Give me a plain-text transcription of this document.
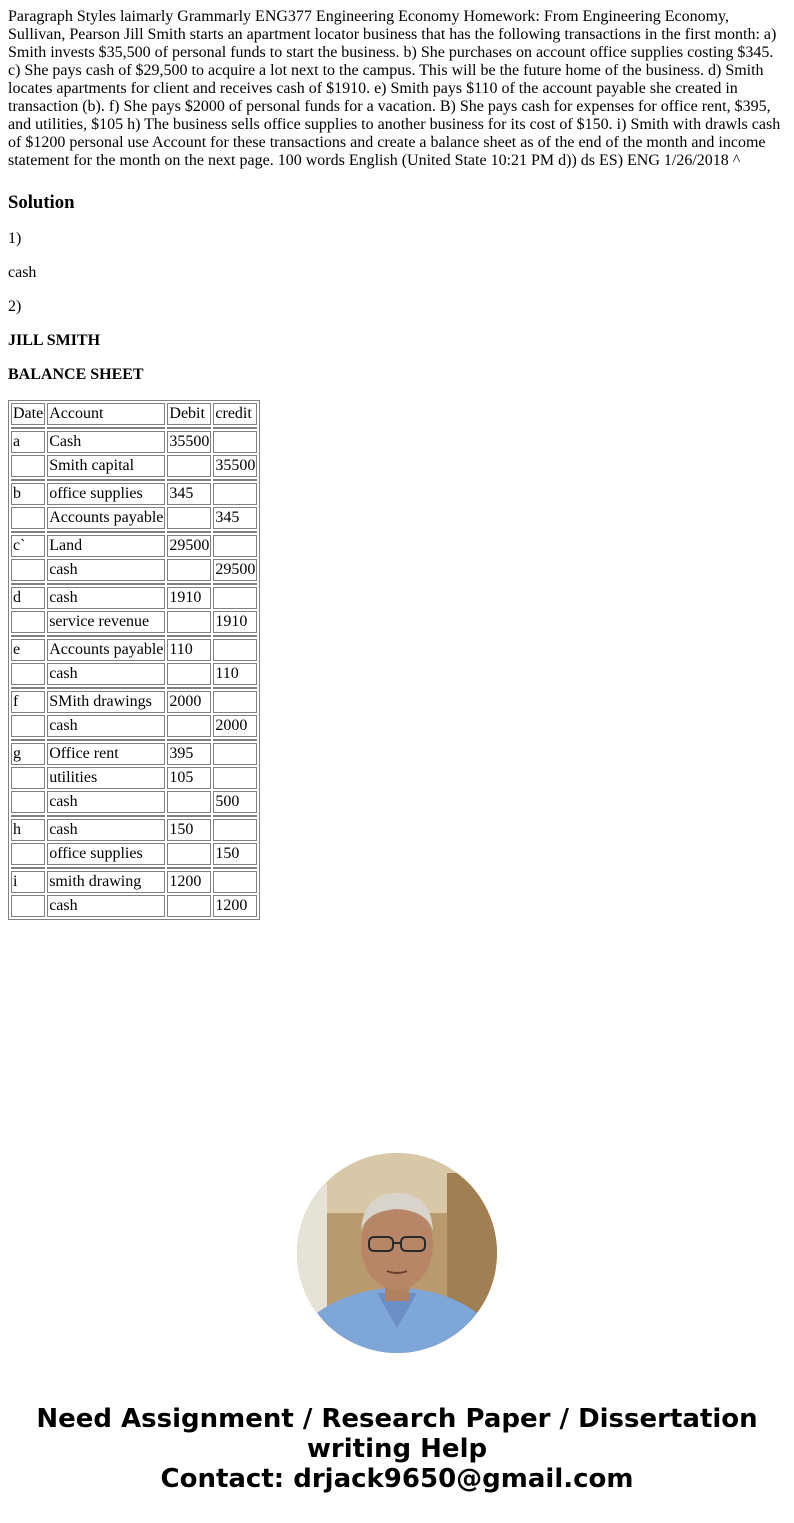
Paragraph Styles laimarly Grammarly ENG377 Engineering Economy Homework: From Engineering Economy, Sullivan, Pearson Jill Smith starts an apartment locator business that has the following transactions in the first month: a) Smith invests $35,500 of personal funds to start the business. b) She purchases on account office supplies costing $345. c) She pays cash of $29,500 to acquire a lot next to the campus. This will be the future home of the business. d) Smith locates apartments for client and receives cash of $1910. e) Smith pays $110 of the account payable she created in transaction (b). f) She pays $2000 of personal funds for a vacation. B) She pays cash for expenses for office rent, $395, and utilities, $105 h) The business sells office supplies to another business for its cost of $150. i) Smith with drawls cash of $1200 personal use Account for these transactions and create a balance sheet as of the end of the month and income statement for the month on the next page. 100 words English (United State 10:21 PM d)) ds ES) ENG 1/26/2018 ^

Solution

1)

cash

2)

JILL SMITH

BALANCE SHEET

Date	Account	Debit	credit

a	Cash	35500	
	Smith capital		35500

b	office supplies	345	
	Accounts payable		345

c`	Land	29500	
	cash		29500

d	cash	1910	
	service revenue		1910

e	Accounts payable	110	
	cash		110

f	SMith drawings	2000	
	cash		2000

g	Office rent	395	
	utilities	105	
	cash		500

h	cash	150	
	office supplies		150

i	smith drawing	1200	
	cash		1200
Need Assignment / Research Paper / Dissertation
writing Help
Contact: drjack9650@gmail.com
